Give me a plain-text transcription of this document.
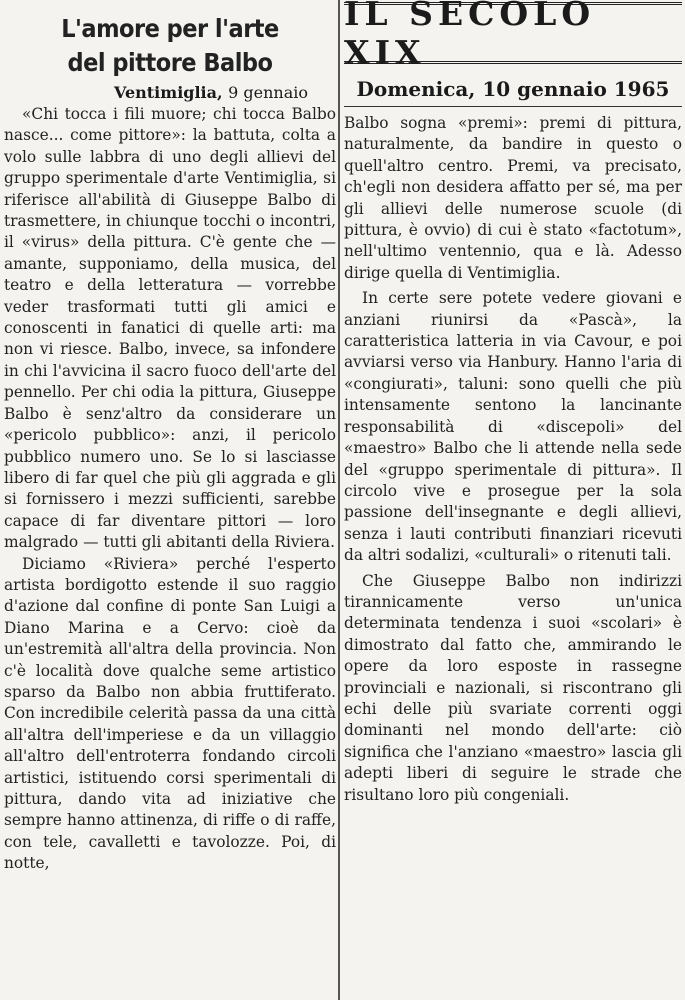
L'amore per l'arte
del pittore Balbo
Ventimiglia, 9 gennaio

«Chi tocca i fili muore; chi tocca Balbo nasce... come pittore»: la battuta, colta a volo sulle labbra di uno degli allievi del gruppo sperimentale d'arte Ventimiglia, si riferisce all'abilità di Giuseppe Balbo di trasmettere, in chiunque tocchi o incontri, il «virus» della pittura. C'è gente che — amante, supponiamo, della musica, del teatro e della letteratura — vorrebbe veder trasformati tutti gli amici e conoscenti in fanatici di quelle arti: ma non vi riesce. Balbo, invece, sa infondere in chi l'avvicina il sacro fuoco dell'arte del pennello. Per chi odia la pittura, Giuseppe Balbo è senz'altro da considerare un «pericolo pubblico»: anzi, il pericolo pubblico numero uno. Se lo si lasciasse libero di far quel che più gli aggrada e gli si fornissero i mezzi sufficienti, sarebbe capace di far diventare pittori — loro malgrado — tutti gli abitanti della Riviera.

Diciamo «Riviera» perché l'esperto artista bordigotto estende il suo raggio d'azione dal confine di ponte San Luigi a Diano Marina e a Cervo: cioè da un'estremità all'altra della provincia. Non c'è località dove qualche seme artistico sparso da Balbo non abbia fruttiferato. Con incredibile celerità passa da una città all'altra dell'imperiese e da un villaggio all'altro dell'entroterra fondando circoli artistici, istituendo corsi sperimentali di pittura, dando vita ad iniziative che sempre hanno attinenza, di riffe o di raffe, con tele, cavalletti e tavolozze. Poi, di notte,

IL SECOLO XIX
Domenica, 10 gennaio 1965

Balbo sogna «premi»: premi di pittura, naturalmente, da bandire in questo o quell'altro centro. Premi, va precisato, ch'egli non desidera affatto per sé, ma per gli allievi delle numerose scuole (di pittura, è ovvio) di cui è stato «factotum», nell'ultimo ventennio, qua e là. Adesso dirige quella di Ventimiglia.

In certe sere potete vedere giovani e anziani riunirsi da «Pascà», la caratteristica latteria in via Cavour, e poi avviarsi verso via Hanbury. Hanno l'aria di «congiurati», taluni: sono quelli che più intensamente sentono la lancinante responsabilità di «discepoli» del «maestro» Balbo che li attende nella sede del «gruppo sperimentale di pittura». Il circolo vive e prosegue per la sola passione dell'insegnante e degli allievi, senza i lauti contributi finanziari ricevuti da altri sodalizi, «culturali» o ritenuti tali.

Che Giuseppe Balbo non indirizzi tirannicamente verso un'unica determinata tendenza i suoi «scolari» è dimostrato dal fatto che, ammirando le opere da loro esposte in rassegne provinciali e nazionali, si riscontrano gli echi delle più svariate correnti oggi dominanti nel mondo dell'arte: ciò significa che l'anziano «maestro» lascia gli adepti liberi di seguire le strade che risultano loro più congeniali.
